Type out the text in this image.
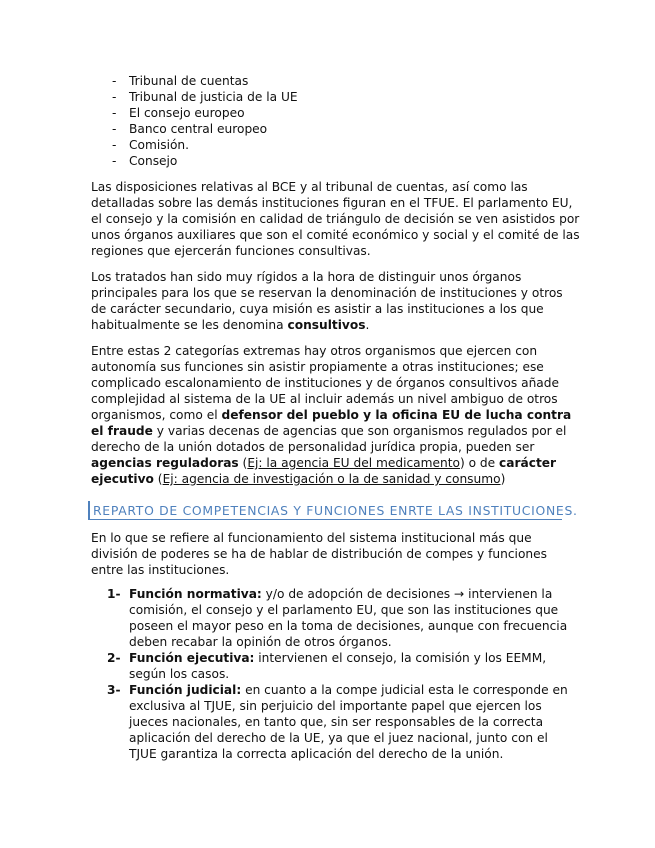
- Tribunal de cuentas
- Tribunal de justicia de la UE
- El consejo europeo
- Banco central europeo
- Comisión.
- Consejo

Las disposiciones relativas al BCE y al tribunal de cuentas, así como las
detalladas sobre las demás instituciones figuran en el TFUE. El parlamento EU,
el consejo y la comisión en calidad de triángulo de decisión se ven asistidos por
unos órganos auxiliares que son el comité económico y social y el comité de las
regiones que ejercerán funciones consultivas.

Los tratados han sido muy rígidos a la hora de distinguir unos órganos
principales para los que se reservan la denominación de instituciones y otros
de carácter secundario, cuya misión es asistir a las instituciones a los que
habitualmente se les denomina consultivos.

Entre estas 2 categorías extremas hay otros organismos que ejercen con
autonomía sus funciones sin asistir propiamente a otras instituciones; ese
complicado escalonamiento de instituciones y de órganos consultivos añade
complejidad al sistema de la UE al incluir además un nivel ambiguo de otros
organismos, como el defensor del pueblo y la oficina EU de lucha contra
el fraude y varias decenas de agencias que son organismos regulados por el
derecho de la unión dotados de personalidad jurídica propia, pueden ser
agencias reguladoras (Ej: la agencia EU del medicamento) o de carácter
ejecutivo (Ej: agencia de investigación o la de sanidad y consumo)

REPARTO DE COMPETENCIAS Y FUNCIONES ENRTE LAS INSTITUCIONES.

En lo que se refiere al funcionamiento del sistema institucional más que
división de poderes se ha de hablar de distribución de compes y funciones
entre las instituciones.

1- Función normativa: y/o de adopción de decisiones → intervienen la
comisión, el consejo y el parlamento EU, que son las instituciones que
poseen el mayor peso en la toma de decisiones, aunque con frecuencia
deben recabar la opinión de otros órganos.
2- Función ejecutiva: intervienen el consejo, la comisión y los EEMM,
según los casos.
3- Función judicial: en cuanto a la compe judicial esta le corresponde en
exclusiva al TJUE, sin perjuicio del importante papel que ejercen los
jueces nacionales, en tanto que, sin ser responsables de la correcta
aplicación del derecho de la UE, ya que el juez nacional, junto con el
TJUE garantiza la correcta aplicación del derecho de la unión.
